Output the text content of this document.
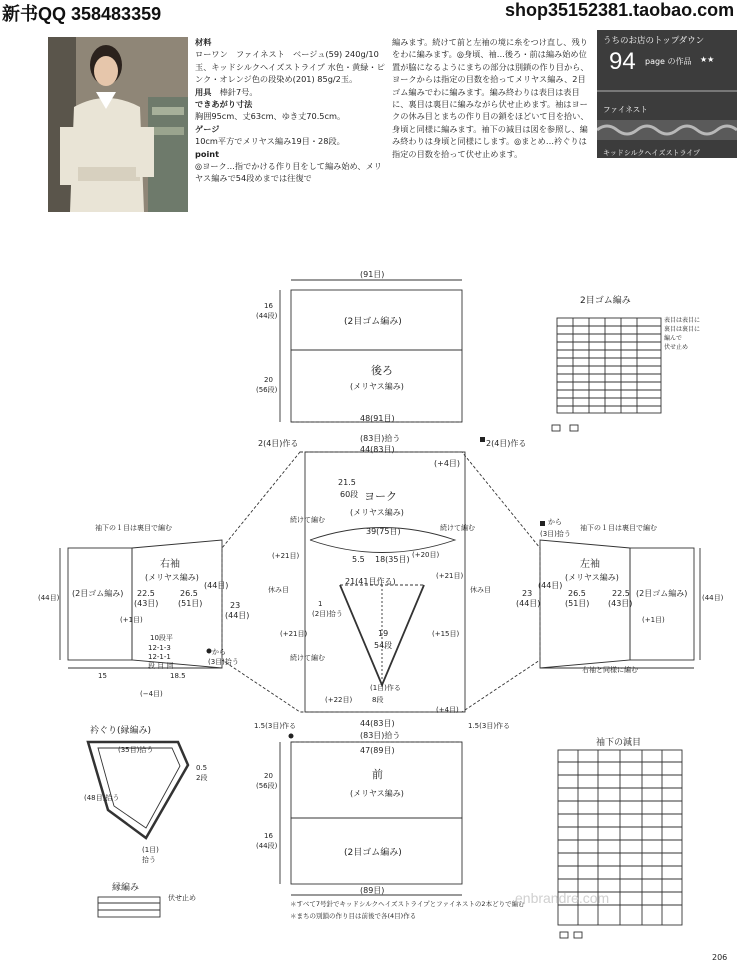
新书QQ 358483359	shop35152381.taobao.com
材料
ローワン　ファイネスト　ベージュ(59) 240g/10玉、キッドシルクヘイズストライプ 水色・黄緑・ピンク・オレンジ色の段染め(201) 85g/2玉。
用具　 棒針7号。
できあがり寸法
胸囲95cm、丈63cm、ゆき丈70.5cm。
ゲージ
10cm平方でメリヤス編み19目・28段。
point
◎ヨーク…指でかける作り目をして編み始め、メリヤス編みで54段めまでは往復で
編みます。続けて前と左袖の境に糸をつけ直し、残りをわに編みます。◎身頃、袖…後ろ・前は編み始め位置が脇になるようにまちの部分は別鎖の作り目から、ヨークからは指定の目数を拾ってメリヤス編み、2目ゴム編みでわに編みます。編み終わりは表目は表目に、裏目は裏目に編みながら伏せ止めます。袖はヨークの休み目とまちの作り目の鎖をほどいて目を拾い、身頃と同様に編みます。袖下の減目は図を参照し、編み終わりは身頃と同様にします。◎まとめ…衿ぐりは指定の目数を拾って伏せ止めます。
うちのお店のトップダウン
94 page の作品 ★★
ファイネスト
キッドシルクヘイズストライプ
(91目)
(2目ゴム編み)
後ろ
(メリヤス編み)
48(91目)
(83目)拾う
44(83目)
2(4目)作る	2(4目)作る
(+4目)
ヨーク
(メリヤス編み)
21.5
60段
39(75目)
18(35目)
5.5
袖下の１目は裏目で編む	袖下の１目は裏目で編む
右袖
(メリヤス編み)
左袖
(メリヤス編み)
(2目ゴム編み)	(2目ゴム編み)
(44目)	(44目)
22.5
(43目)
26.5
(51目)
22.5
(43目)
26.5
(51目)
(44目)	(44目)
23
(44目)
23
(44目)
10段平
12-1-3
12-1-1
段 目 回
18.5
15
(+1目)	(+1目)
(−4目)
右袖と同様に編む
(+21目)
(+21目)
(+20目)
(+15目)
(+21目)
(+22目)
(+4目)
続けて編む
続けて編む
続けて編む
21(41目作る)
19
54段
(1目)作る
8段
1
(2目)拾う
休み目	休み目
44(83目)
(83目)拾う
47(89目)
1.5(3目)作る	1.5(3目)作る
前
(メリヤス編み)
(2目ゴム編み)
(89目)
16
(44段)
20
(56段)
20
(56段)
16
(44段)
から
から
(3目)拾う
(3目)拾う
衿ぐり(縁編み)
(35目)拾う
(48目)拾う
(1目)
拾う
0.5
2段
縁編み
伏せ止め
2目ゴム編み
表目は表目に
裏目は裏目に
編んで
伏せ止め
袖下の減目
＊すべて7号針でキッドシルクヘイズストライプとファイネストの2本どりで編む
＊まちの別鎖の作り目は前後で各(4目)作る
enbrandre.com
206
